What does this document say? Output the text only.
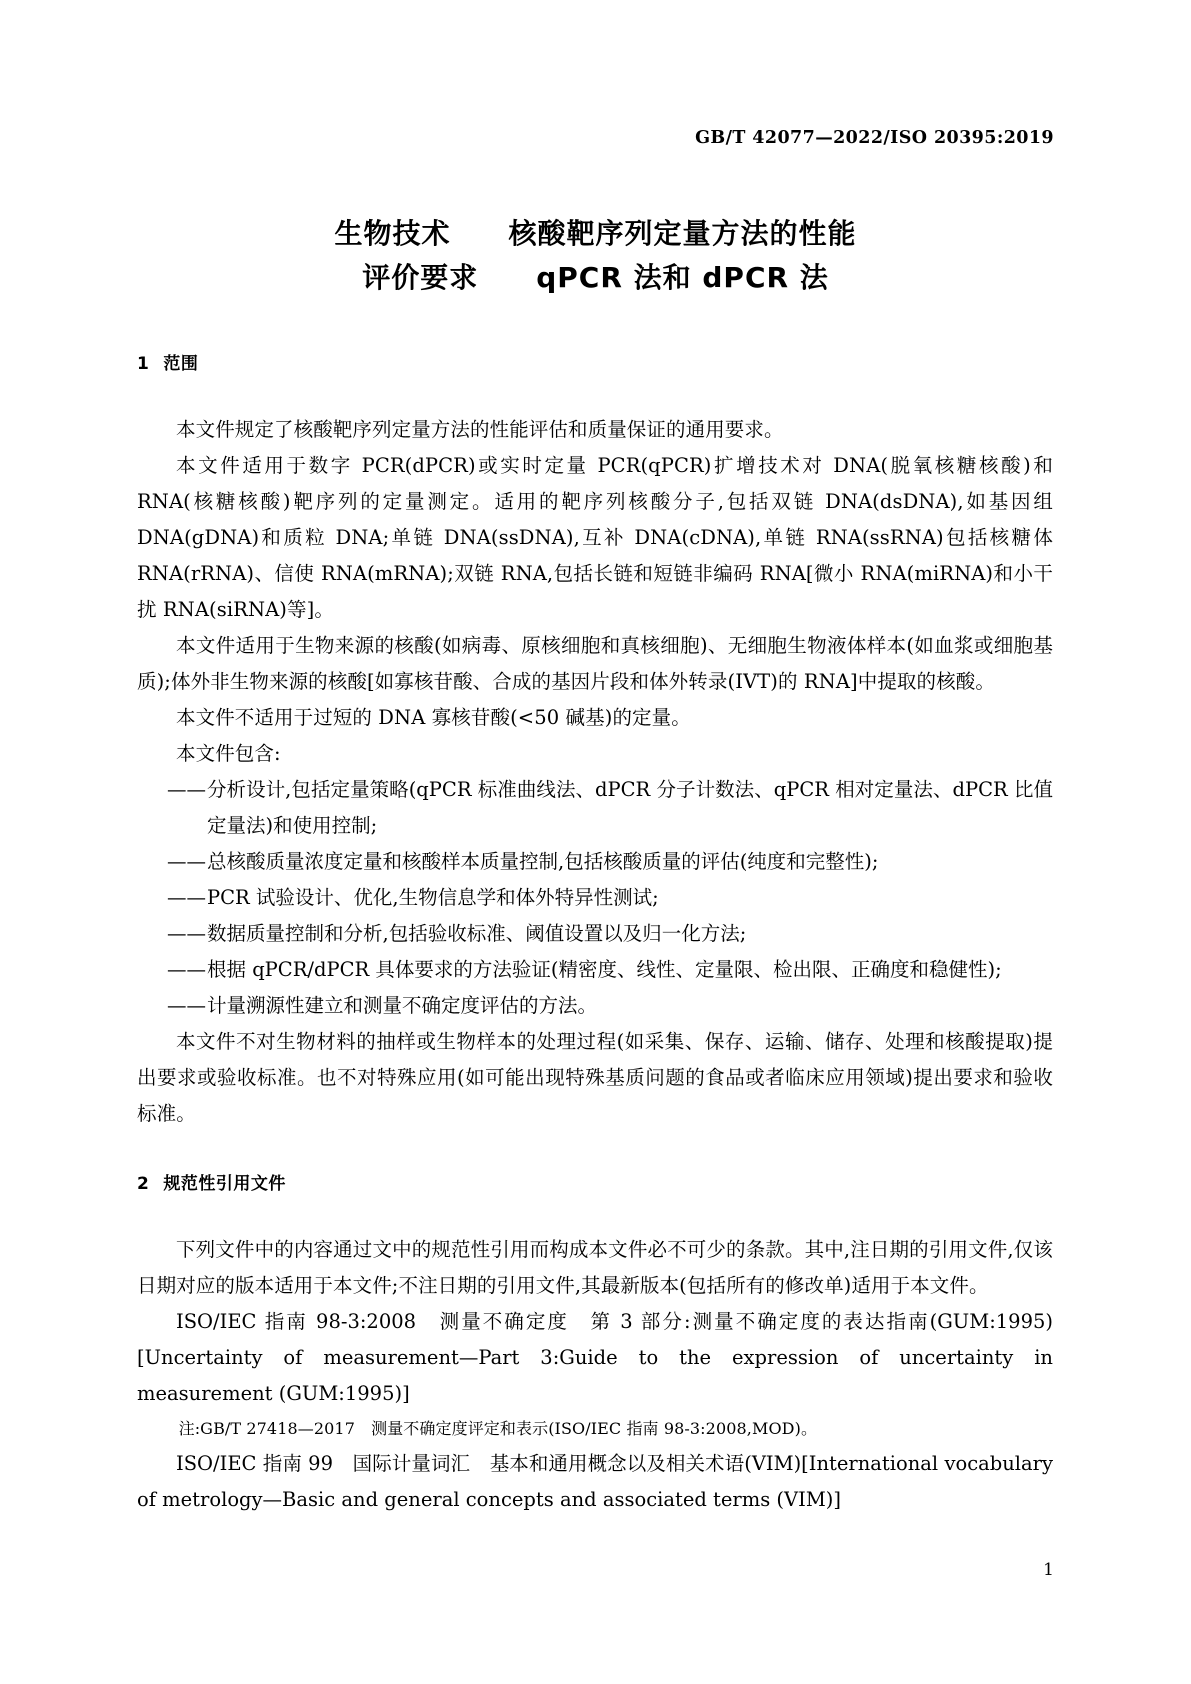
GB/T 42077—2022/ISO 20395:2019
生物技术　　核酸靶序列定量方法的性能
评价要求　　qPCR 法和 dPCR 法
1 范围

本文件规定了核酸靶序列定量方法的性能评估和质量保证的通用要求。

本文件适用于数字 PCR(dPCR)或实时定量 PCR(qPCR)扩增技术对 DNA(脱氧核糖核酸)和 RNA(核糖核酸)靶序列的定量测定。适用的靶序列核酸分子,包括双链 DNA(dsDNA),如基因组 DNA(gDNA)和质粒 DNA;单链 DNA(ssDNA),互补 DNA(cDNA),单链 RNA(ssRNA)包括核糖体 RNA(rRNA)、信使 RNA(mRNA);双链 RNA,包括长链和短链非编码 RNA[微小 RNA(miRNA)和小干扰 RNA(siRNA)等]。

本文件适用于生物来源的核酸(如病毒、原核细胞和真核细胞)、无细胞生物液体样本(如血浆或细胞基质);体外非生物来源的核酸[如寡核苷酸、合成的基因片段和体外转录(IVT)的 RNA]中提取的核酸。

本文件不适用于过短的 DNA 寡核苷酸(<50 碱基)的定量。

本文件包含:

—— 分析设计,包括定量策略(qPCR 标准曲线法、dPCR 分子计数法、qPCR 相对定量法、dPCR 比值定量法)和使用控制;
—— 总核酸质量浓度定量和核酸样本质量控制,包括核酸质量的评估(纯度和完整性);
—— PCR 试验设计、优化,生物信息学和体外特异性测试;
—— 数据质量控制和分析,包括验收标准、阈值设置以及归一化方法;
—— 根据 qPCR/dPCR 具体要求的方法验证(精密度、线性、定量限、检出限、正确度和稳健性);
—— 计量溯源性建立和测量不确定度评估的方法。

本文件不对生物材料的抽样或生物样本的处理过程(如采集、保存、运输、储存、处理和核酸提取)提出要求或验收标准。也不对特殊应用(如可能出现特殊基质问题的食品或者临床应用领域)提出要求和验收标准。

2 规范性引用文件

下列文件中的内容通过文中的规范性引用而构成本文件必不可少的条款。其中,注日期的引用文件,仅该日期对应的版本适用于本文件;不注日期的引用文件,其最新版本(包括所有的修改单)适用于本文件。

ISO/IEC 指南 98-3:2008　测量不确定度　第 3 部分:测量不确定度的表达指南(GUM:1995)[Uncertainty of measurement—Part 3:Guide to the expression of uncertainty in measurement (GUM:1995)]

注:GB/T 27418—2017　测量不确定度评定和表示(ISO/IEC 指南 98-3:2008,MOD)。

ISO/IEC 指南 99　国际计量词汇　基本和通用概念以及相关术语(VIM)[International vocabulary of metrology—Basic and general concepts and associated terms (VIM)]

1
